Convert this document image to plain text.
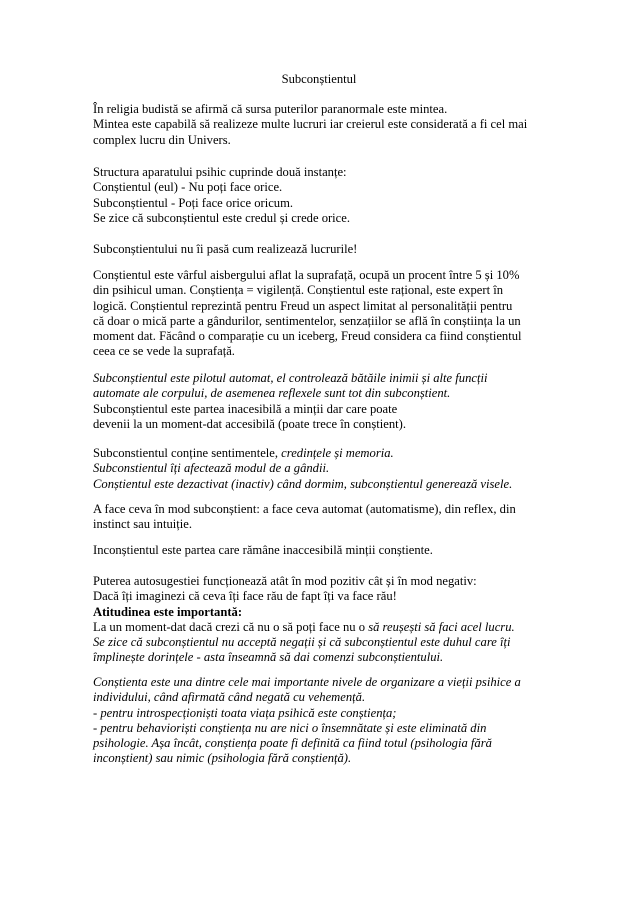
Subconștientul

În religia budistă se afirmă că sursa puterilor paranormale este mintea.
Mintea este capabilă să realizeze multe lucruri iar creierul este considerată a fi cel mai
complex lucru din Univers.

Structura aparatului psihic cuprinde două instanțe:
Conștientul (eul) - Nu poți face orice.
Subconștientul - Poți face orice oricum.
Se zice că subconștientul este credul și crede orice.

Subconștientului nu îi pasă cum realizează lucrurile!

Conștientul este vârful aisbergului aflat la suprafață, ocupă un procent între 5 și 10%
din psihicul uman. Conștiența = vigilență. Conștientul este rațional, este expert în
logică. Conștientul reprezintă pentru Freud un aspect limitat al personalității pentru
că doar o mică parte a gândurilor, sentimentelor, senzațiilor se află în conștiința la un
moment dat. Făcând o comparație cu un iceberg, Freud considera ca fiind conștientul
ceea ce se vede la suprafață.

Subconștientul este pilotul automat, el controlează bătăile inimii și alte funcții
automate ale corpului, de asemenea reflexele sunt tot din subconștient.
Subconștientul este partea inacesibilă a minții dar care poate
devenii la un moment-dat accesibilă (poate trece în conștient).

Subconstientul conține sentimentele, credințele și memoria.
Subconstientul îți afectează modul de a gândii.
Conștientul este dezactivat (inactiv) când dormim, subconștientul generează visele.

A face ceva în mod subconștient: a face ceva automat (automatisme), din reflex, din
instinct sau intuiție.

Inconștientul este partea care rămâne inaccesibilă minții conștiente.

Puterea autosugestiei funcționează atât în mod pozitiv cât și în mod negativ:
Dacă îți imaginezi că ceva îți face rău de fapt îți va face rău!
Atitudinea este importantă:
La un moment-dat dacă crezi că nu o să poți face nu o să reușești să faci acel lucru.
Se zice că subconștientul nu acceptă negații și că subconștientul este duhul care îți
împlinește dorințele - asta înseamnă să dai comenzi subconștientului.

Conștienta este una dintre cele mai importante nivele de organizare a vieții psihice a
individului, când afirmată când negată cu vehemență.
- pentru introspecționiști toata viața psihică este conștiența;
- pentru behavioriști conștiența nu are nici o însemnătate și este eliminată din
psihologie. Așa încât, conștiența poate fi definită ca fiind totul (psihologia fără
inconștient) sau nimic (psihologia fără conștiență).
